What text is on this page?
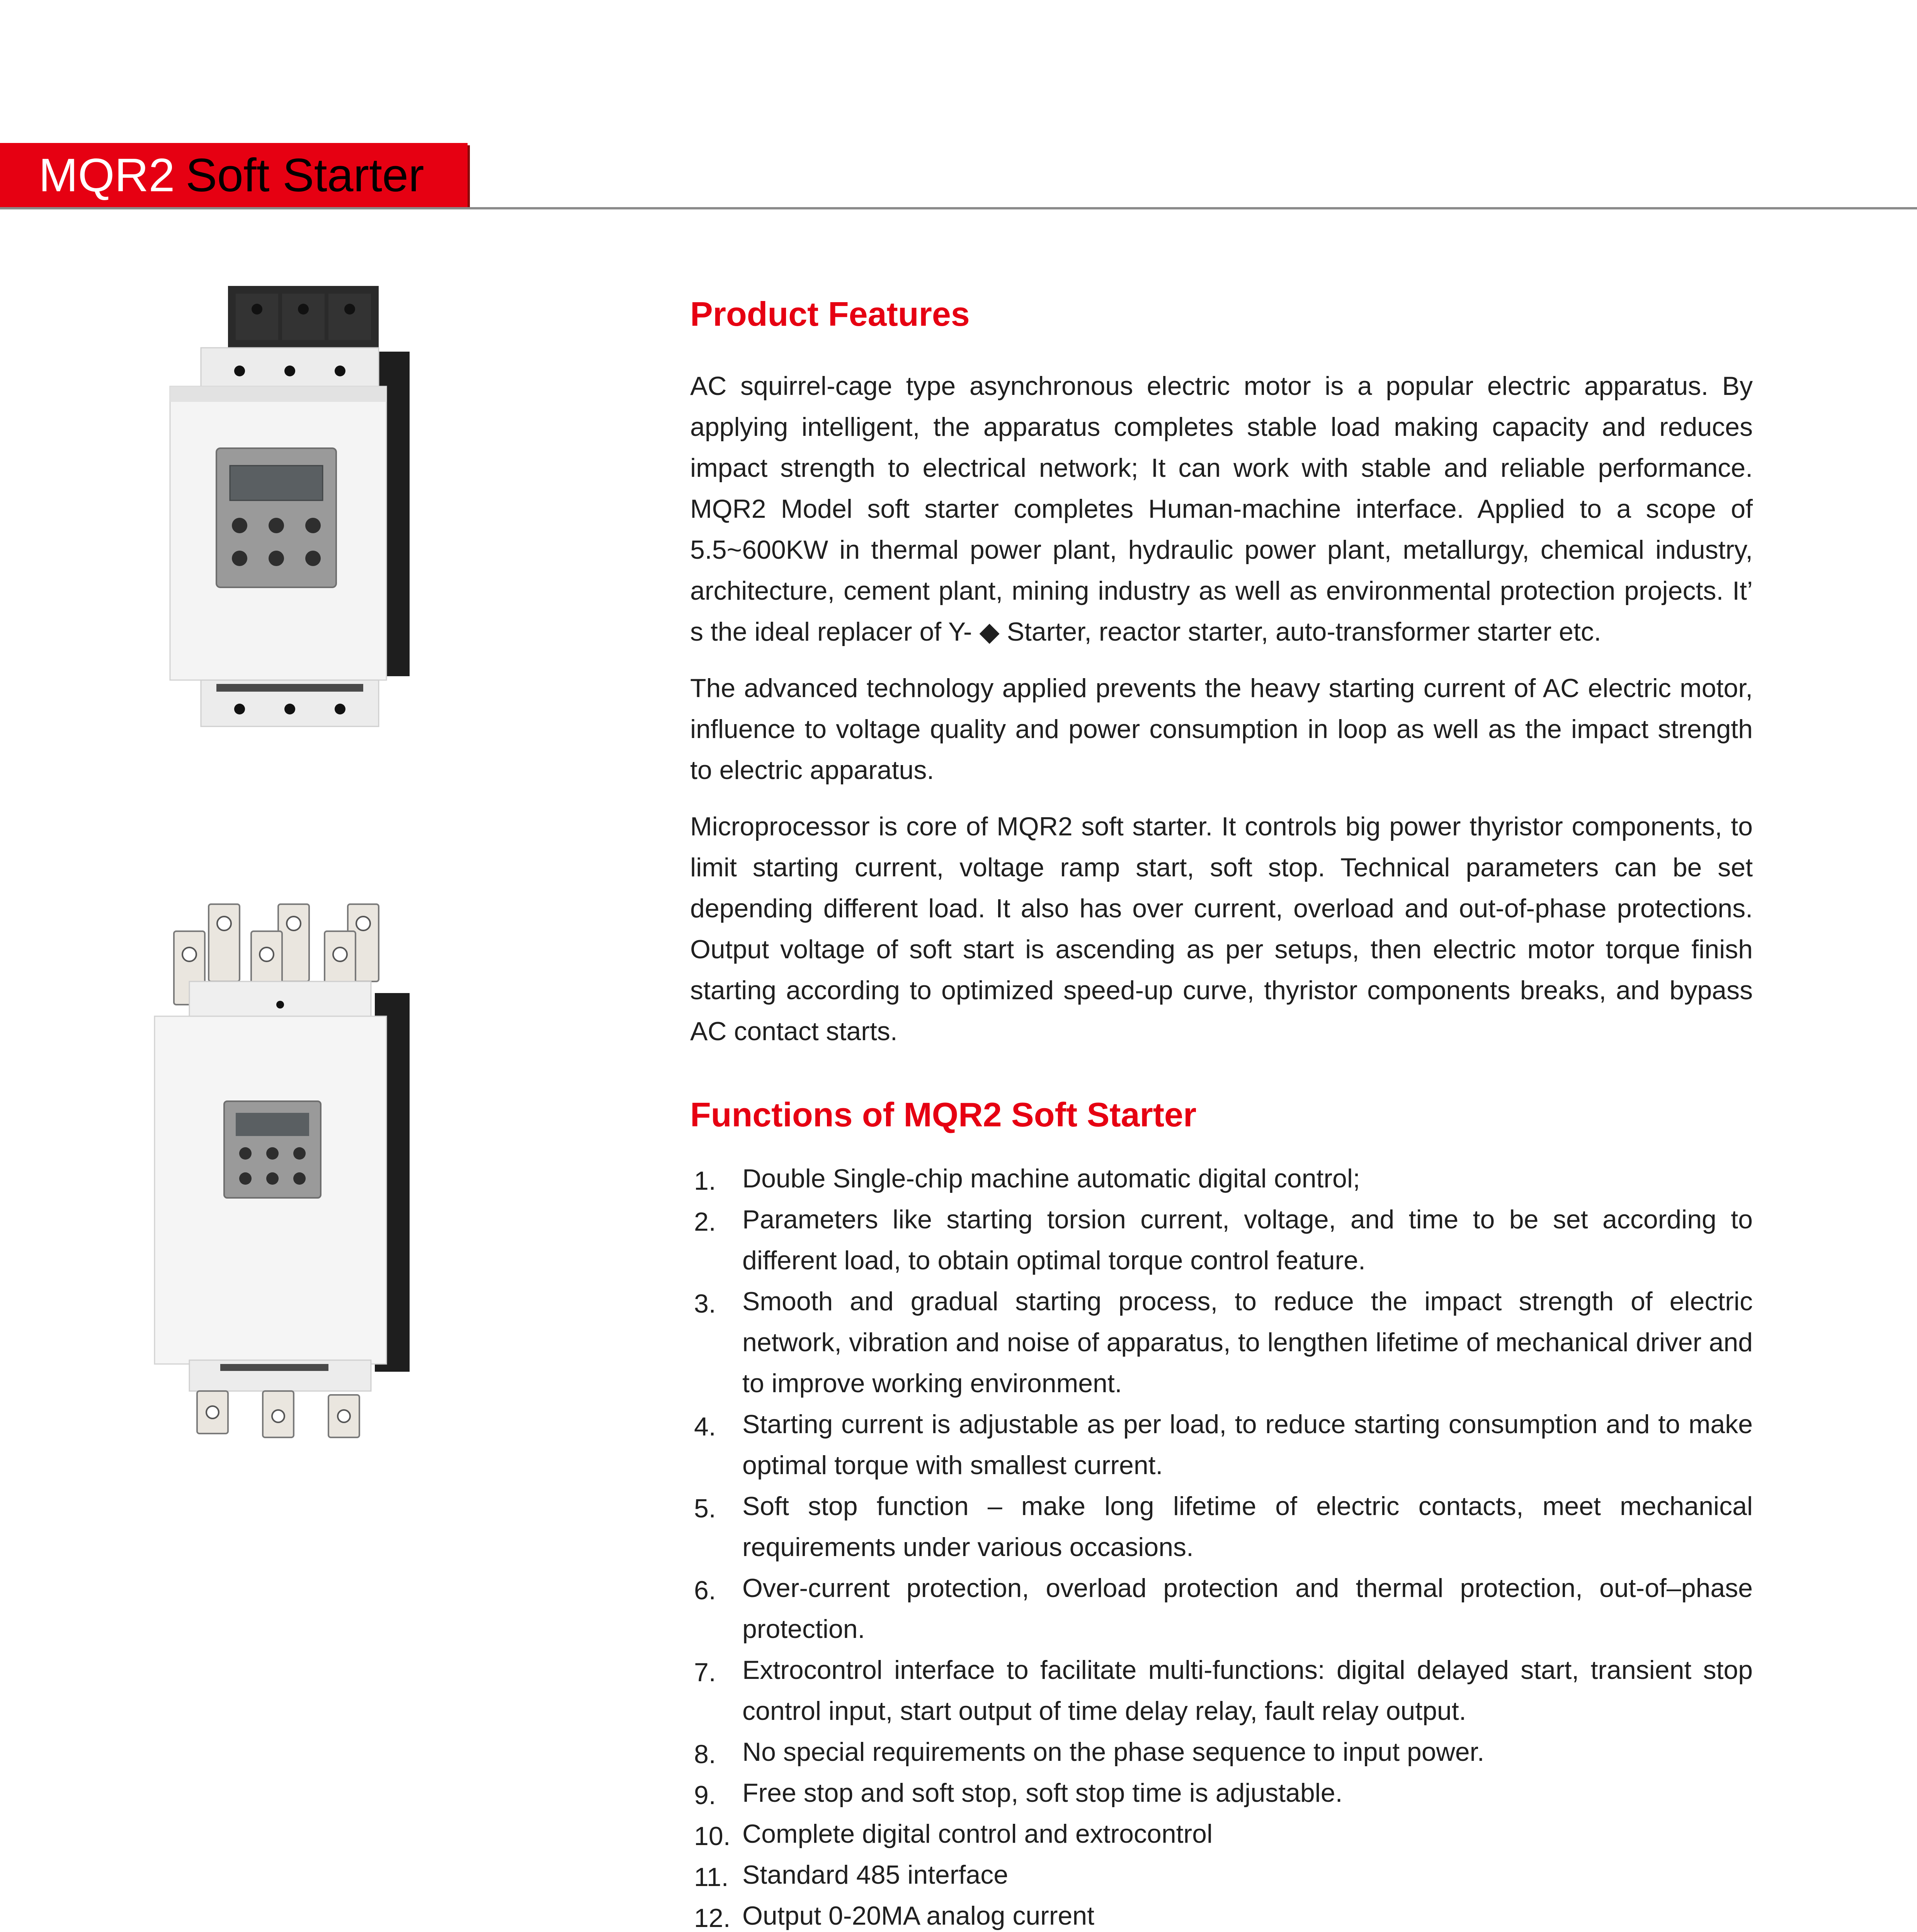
MQR2 Soft Starter
Product Features

AC squirrel-cage type asynchronous electric motor is a popular electric apparatus. By applying intelligent, the apparatus completes stable load making capacity and reduces impact strength to electrical network; It can work with stable and reliable performance. MQR2 Model soft starter completes Human-machine interface. Applied to a scope of 5.5~600KW in thermal power plant, hydraulic power plant, metallurgy, chemical industry, architecture, cement plant, mining industry as well as environmental protection projects. It’ s the ideal replacer of Y- ◆ Starter, reactor starter, auto-transformer starter etc.

The advanced technology applied prevents the heavy starting current of AC electric motor, influence to voltage quality and power consumption in loop as well as the impact strength to electric apparatus.

Microprocessor is core of MQR2 soft starter. It controls big power thyristor components, to limit starting current, voltage ramp start, soft stop. Technical parameters can be set depending different load. It also has over current, overload and out-of-phase protections. Output voltage of soft start is ascending as per setups, then electric motor torque finish starting according to optimized speed-up curve, thyristor components breaks, and bypass AC contact starts.

Functions of MQR2 Soft Starter
1. Double Single-chip machine automatic digital control;
2. Parameters like starting torsion current, voltage, and time to be set according to different load, to obtain optimal torque control feature.
3. Smooth and gradual starting process, to reduce the impact strength of electric network, vibration and noise of apparatus, to lengthen lifetime of mechanical driver and to improve working environment.
4. Starting current is adjustable as per load, to reduce starting consumption and to make optimal torque with smallest current.
5. Soft stop function – make long lifetime of electric contacts, meet mechanical requirements under various occasions.
6. Over-current protection, overload protection and thermal protection, out-of–phase protection.
7. Extrocontrol interface to facilitate multi-functions: digital delayed start, transient stop control input, start output of time delay relay, fault relay output.
8. No special requirements on the phase sequence to input power.
9. Free stop and soft stop, soft stop time is adjustable.
10. Complete digital control and extrocontrol
11. Standard 485 interface
12. Output 0-20MA analog current
